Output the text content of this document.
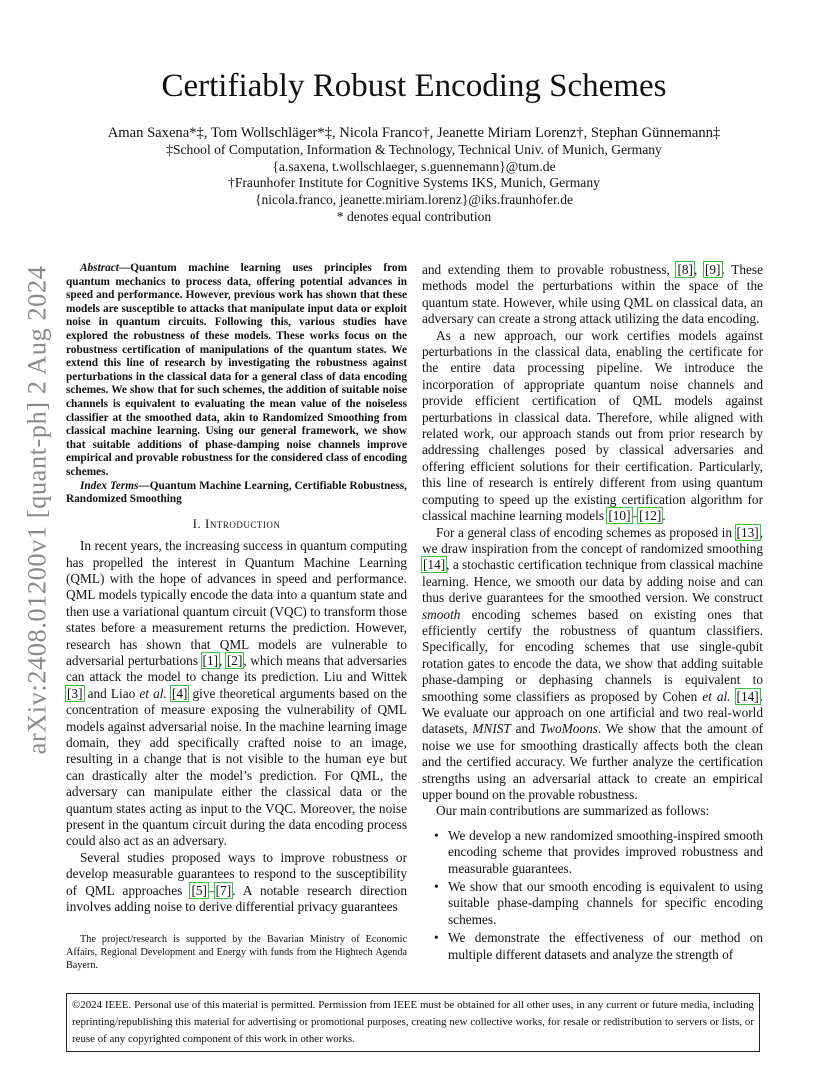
arXiv:2408.01200v1 [quant-ph] 2 Aug 2024
Certifiably Robust Encoding Schemes
Aman Saxena*‡, Tom Wollschläger*‡, Nicola Franco†, Jeanette Miriam Lorenz†, Stephan Günnemann‡
‡School of Computation, Information & Technology, Technical Univ. of Munich, Germany
{a.saxena, t.wollschlaeger, s.guennemann}@tum.de
†Fraunhofer Institute for Cognitive Systems IKS, Munich, Germany
{nicola.franco, jeanette.miriam.lorenz}@iks.fraunhofer.de
* denotes equal contribution

Abstract—Quantum machine learning uses principles from quantum mechanics to process data, offering potential advances in speed and performance. However, previous work has shown that these models are susceptible to attacks that manipulate input data or exploit noise in quantum circuits. Following this, various studies have explored the robustness of these models. These works focus on the robustness certification of manipulations of the quantum states. We extend this line of research by investigating the robustness against perturbations in the classical data for a general class of data encoding schemes. We show that for such schemes, the addition of suitable noise channels is equivalent to evaluating the mean value of the noiseless classifier at the smoothed data, akin to Randomized Smoothing from classical machine learning. Using our general framework, we show that suitable additions of phase-damping noise channels improve empirical and provable robustness for the considered class of encoding schemes.

Index Terms—Quantum Machine Learning, Certifiable Robustness, Randomized Smoothing

I. Introduction

In recent years, the increasing success in quantum computing has propelled the interest in Quantum Machine Learning (QML) with the hope of advances in speed and performance. QML models typically encode the data into a quantum state and then use a variational quantum circuit (VQC) to transform those states before a measurement returns the prediction. However, research has shown that QML models are vulnerable to adversarial perturbations [1], [2], which means that adversaries can attack the model to change its prediction. Liu and Wittek [3] and Liao et al. [4] give theoretical arguments based on the concentration of measure exposing the vulnerability of QML models against adversarial noise. In the machine learning image domain, they add specifically crafted noise to an image, resulting in a change that is not visible to the human eye but can drastically alter the model’s prediction. For QML, the adversary can manipulate either the classical data or the quantum states acting as input to the VQC. Moreover, the noise present in the quantum circuit during the data encoding process could also act as an adversary.

Several studies proposed ways to improve robustness or develop measurable guarantees to respond to the susceptibility of QML approaches [5]–[7]. A notable research direction involves adding noise to derive differential privacy guarantees

The project/research is supported by the Bavarian Ministry of Economic Affairs, Regional Development and Energy with funds from the Hightech Agenda Bayern.

and extending them to provable robustness, [8], [9]. These methods model the perturbations within the space of the quantum state. However, while using QML on classical data, an adversary can create a strong attack utilizing the data encoding.

As a new approach, our work certifies models against perturbations in the classical data, enabling the certificate for the entire data processing pipeline. We introduce the incorporation of appropriate quantum noise channels and provide efficient certification of QML models against perturbations in classical data. Therefore, while aligned with related work, our approach stands out from prior research by addressing challenges posed by classical adversaries and offering efficient solutions for their certification. Particularly, this line of research is entirely different from using quantum computing to speed up the existing certification algorithm for classical machine learning models [10]–[12].

For a general class of encoding schemes as proposed in [13], we draw inspiration from the concept of randomized smoothing [14], a stochastic certification technique from classical machine learning. Hence, we smooth our data by adding noise and can thus derive guarantees for the smoothed version. We construct smooth encoding schemes based on existing ones that efficiently certify the robustness of quantum classifiers. Specifically, for encoding schemes that use single-qubit rotation gates to encode the data, we show that adding suitable phase-damping or dephasing channels is equivalent to smoothing some classifiers as proposed by Cohen et al. [14]. We evaluate our approach on one artificial and two real-world datasets, MNIST and TwoMoons. We show that the amount of noise we use for smoothing drastically affects both the clean and the certified accuracy. We further analyze the certification strengths using an adversarial attack to create an empirical upper bound on the provable robustness.

Our main contributions are summarized as follows:

• We develop a new randomized smoothing-inspired smooth encoding scheme that provides improved robustness and measurable guarantees.
• We show that our smooth encoding is equivalent to using suitable phase-damping channels for specific encoding schemes.
• We demonstrate the effectiveness of our method on multiple different datasets and analyze the strength of
©2024 IEEE. Personal use of this material is permitted. Permission from IEEE must be obtained for all other uses, in any current or future media, including reprinting/republishing this material for advertising or promotional purposes, creating new collective works, for resale or redistribution to servers or lists, or reuse of any copyrighted component of this work in other works.
